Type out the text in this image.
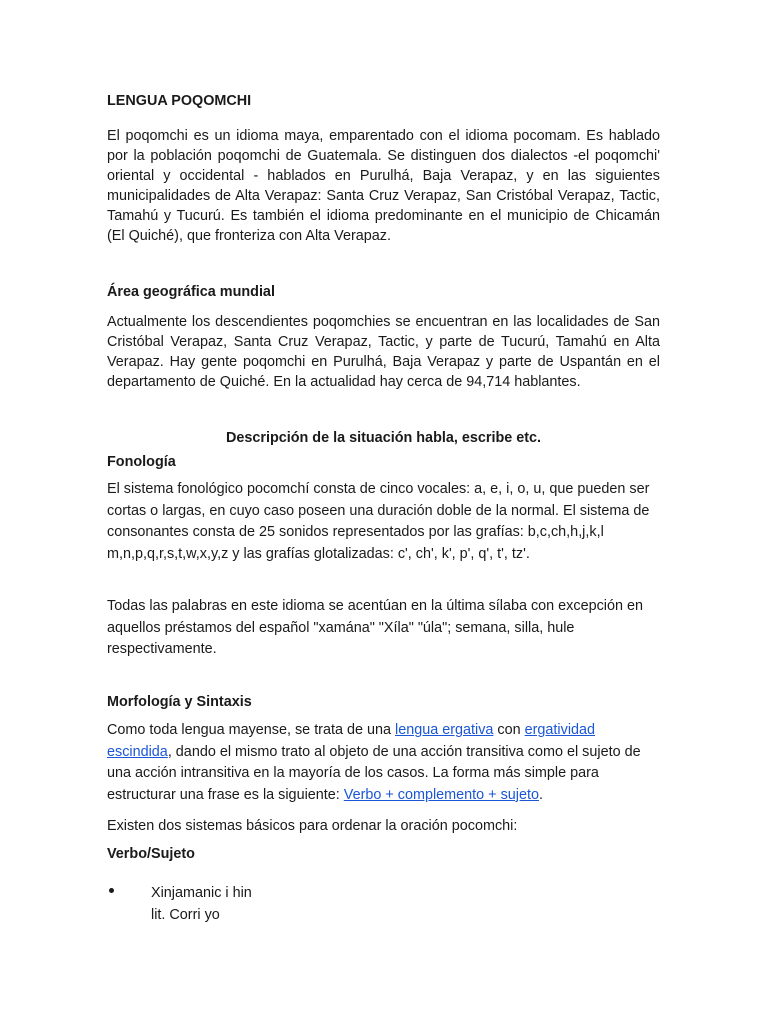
LENGUA POQOMCHI

El poqomchi es un idioma maya, emparentado con el idioma pocomam. Es hablado por la población poqomchi de Guatemala. Se distinguen dos dialectos -el poqomchi' oriental y occidental - hablados en Purulhá, Baja Verapaz, y en las siguientes municipalidades de Alta Verapaz: Santa Cruz Verapaz, San Cristóbal Verapaz, Tactic, Tamahú y Tucurú. Es también el idioma predominante en el municipio de Chicamán (El Quiché), que fronteriza con Alta Verapaz.

Área geográfica mundial

Actualmente los descendientes poqomchies se encuentran en las localidades de San Cristóbal Verapaz, Santa Cruz Verapaz, Tactic, y parte de Tucurú, Tamahú en Alta Verapaz. Hay gente poqomchi en Purulhá, Baja Verapaz y parte de Uspantán en el departamento de Quiché. En la actualidad hay cerca de 94,714 hablantes.

Descripción de la situación habla, escribe etc.
Fonología

El sistema fonológico pocomchí consta de cinco vocales: a, e, i, o, u, que pueden ser cortas o largas, en cuyo caso poseen una duración doble de la normal. El sistema de consonantes consta de 25 sonidos representados por las grafías: b,c,ch,h,j,k,l m,n,p,q,r,s,t,w,x,y,z y las grafías glotalizadas: c', ch', k', p', q', t', tz'.

Todas las palabras en este idioma se acentúan en la última sílaba con excepción en aquellos préstamos del español "xamána" "Xíla" "úla"; semana, silla, hule respectivamente.

Morfología y Sintaxis

Como toda lengua mayense, se trata de una lengua ergativa con ergatividad escindida, dando el mismo trato al objeto de una acción transitiva como el sujeto de una acción intransitiva en la mayoría de los casos. La forma más simple para estructurar una frase es la siguiente: Verbo + complemento + sujeto.

Existen dos sistemas básicos para ordenar la oración pocomchi:

Verbo/Sujeto
Xinjamanic i hin
lit. Corri yo
